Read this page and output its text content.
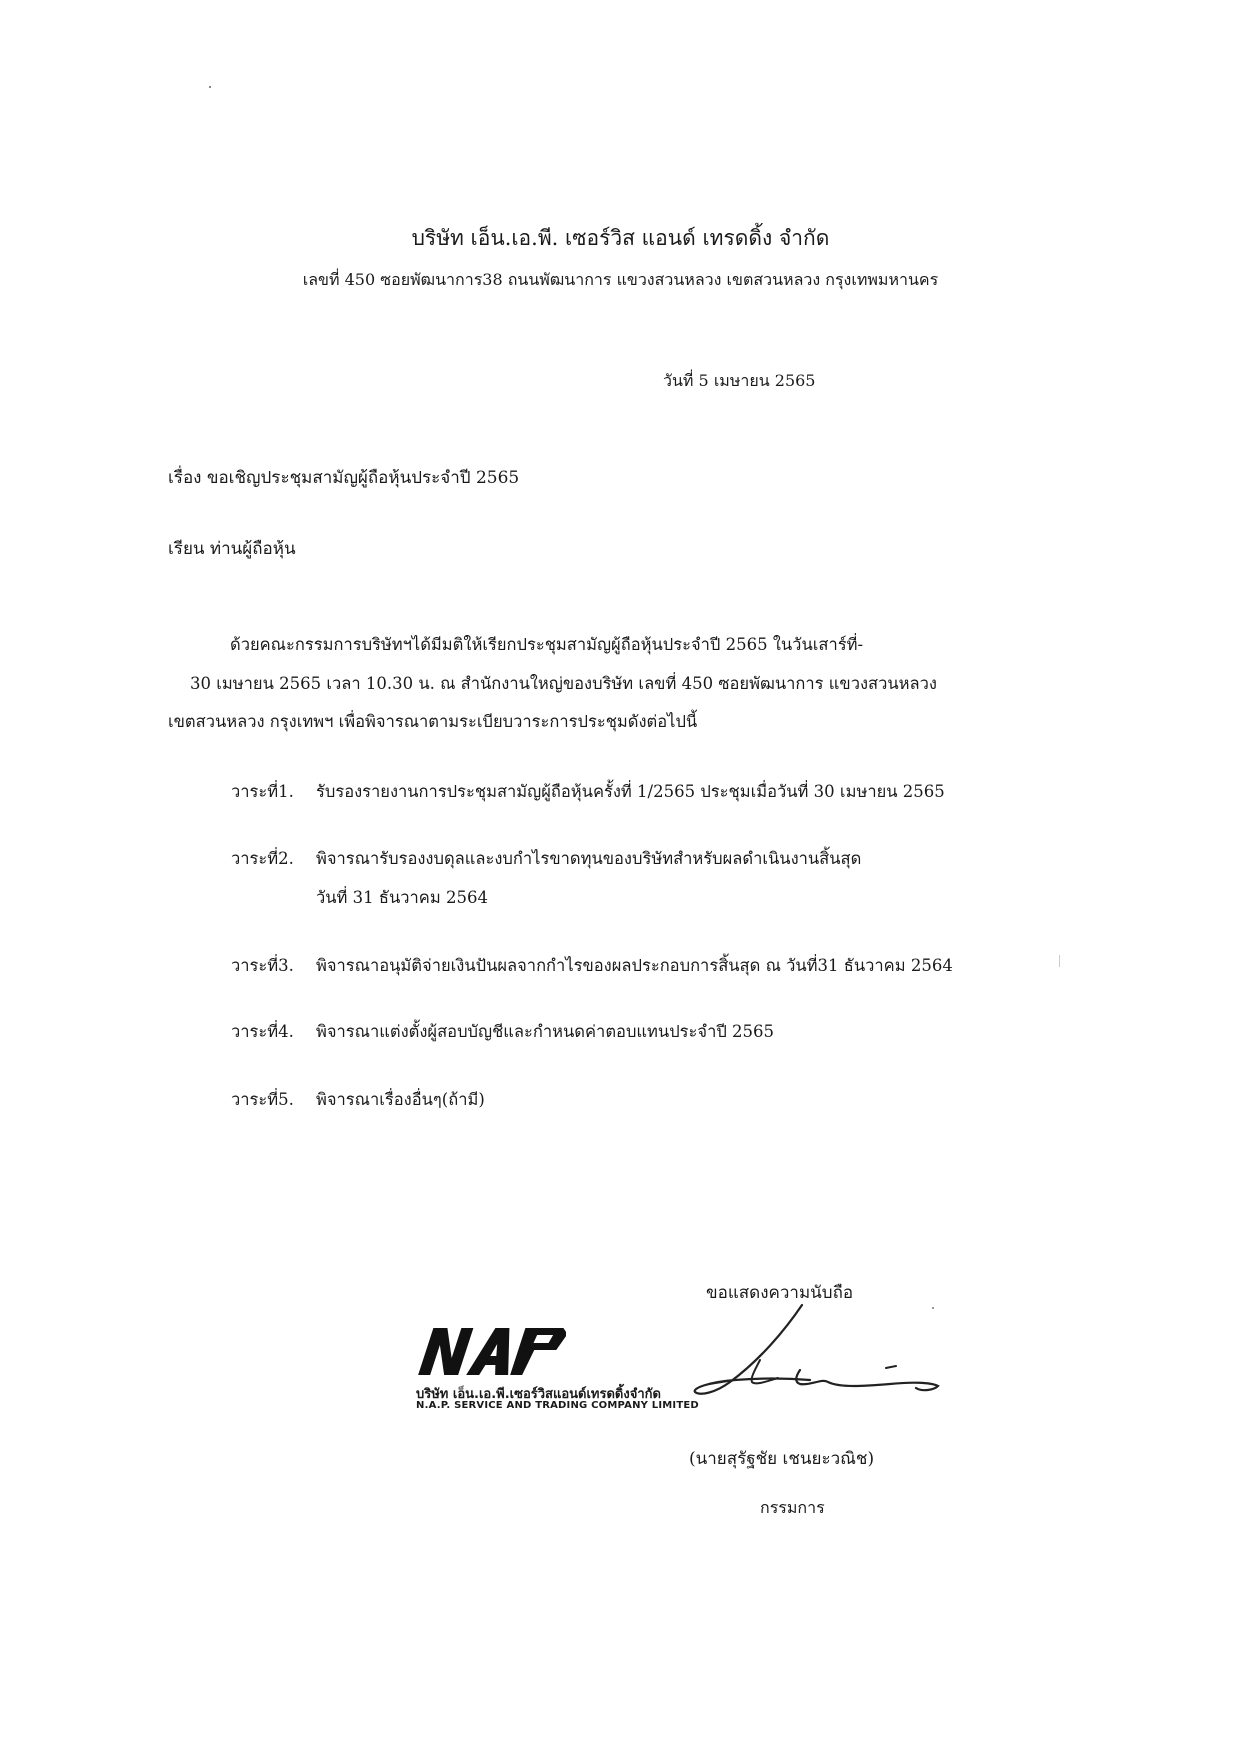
บริษัท เอ็น.เอ.พี. เซอร์วิส แอนด์ เทรดดิ้ง จำกัด
เลขที่ 450 ซอยพัฒนาการ38 ถนนพัฒนาการ แขวงสวนหลวง เขตสวนหลวง กรุงเทพมหานคร
วันที่ 5 เมษายน 2565
เรื่อง ขอเชิญประชุมสามัญผู้ถือหุ้นประจำปี 2565
เรียน ท่านผู้ถือหุ้น
ด้วยคณะกรรมการบริษัทฯได้มีมติให้เรียกประชุมสามัญผู้ถือหุ้นประจำปี 2565 ในวันเสาร์ที่-
30 เมษายน 2565 เวลา 10.30 น. ณ สำนักงานใหญ่ของบริษัท เลขที่ 450 ซอยพัฒนาการ แขวงสวนหลวง
เขตสวนหลวง กรุงเทพฯ เพื่อพิจารณาตามระเบียบวาระการประชุมดังต่อไปนี้
วาระที่1. รับรองรายงานการประชุมสามัญผู้ถือหุ้นครั้งที่ 1/2565 ประชุมเมื่อวันที่ 30 เมษายน 2565
วาระที่2. พิจารณารับรองงบดุลและงบกำไรขาดทุนของบริษัทสำหรับผลดำเนินงานสิ้นสุด
วันที่ 31 ธันวาคม 2564
วาระที่3. พิจารณาอนุมัติจ่ายเงินปันผลจากกำไรของผลประกอบการสิ้นสุด ณ วันที่31 ธันวาคม 2564
วาระที่4. พิจารณาแต่งตั้งผู้สอบบัญชีและกำหนดค่าตอบแทนประจำปี 2565
วาระที่5. พิจารณาเรื่องอื่นๆ(ถ้ามี)
ขอแสดงความนับถือ
บริษัท เอ็น.เอ.พี.เซอร์วิสแอนด์เทรดดิ้งจำกัด
N.A.P. SERVICE AND TRADING COMPANY LIMITED
(นายสุรัฐชัย เชนยะวณิช)
กรรมการ
